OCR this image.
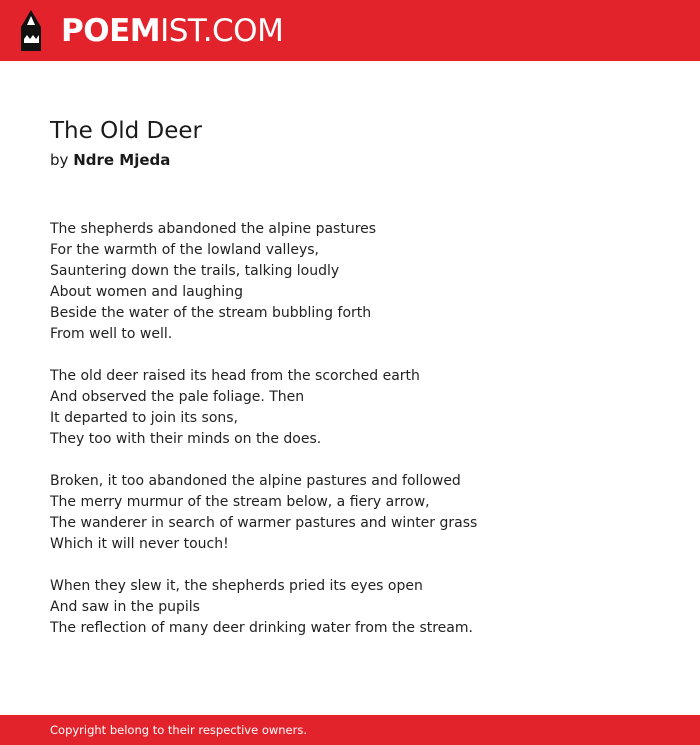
POEMIST.COM
The Old Deer

by Ndre Mjeda

The shepherds abandoned the alpine pastures
For the warmth of the lowland valleys,
Sauntering down the trails, talking loudly
About women and laughing
Beside the water of the stream bubbling forth
From well to well.
The old deer raised its head from the scorched earth
And observed the pale foliage. Then
It departed to join its sons,
They too with their minds on the does.
Broken, it too abandoned the alpine pastures and followed
The merry murmur of the stream below, a fiery arrow,
The wanderer in search of warmer pastures and winter grass
Which it will never touch!
When they slew it, the shepherds pried its eyes open
And saw in the pupils
The reflection of many deer drinking water from the stream.
Copyright belong to their respective owners.
